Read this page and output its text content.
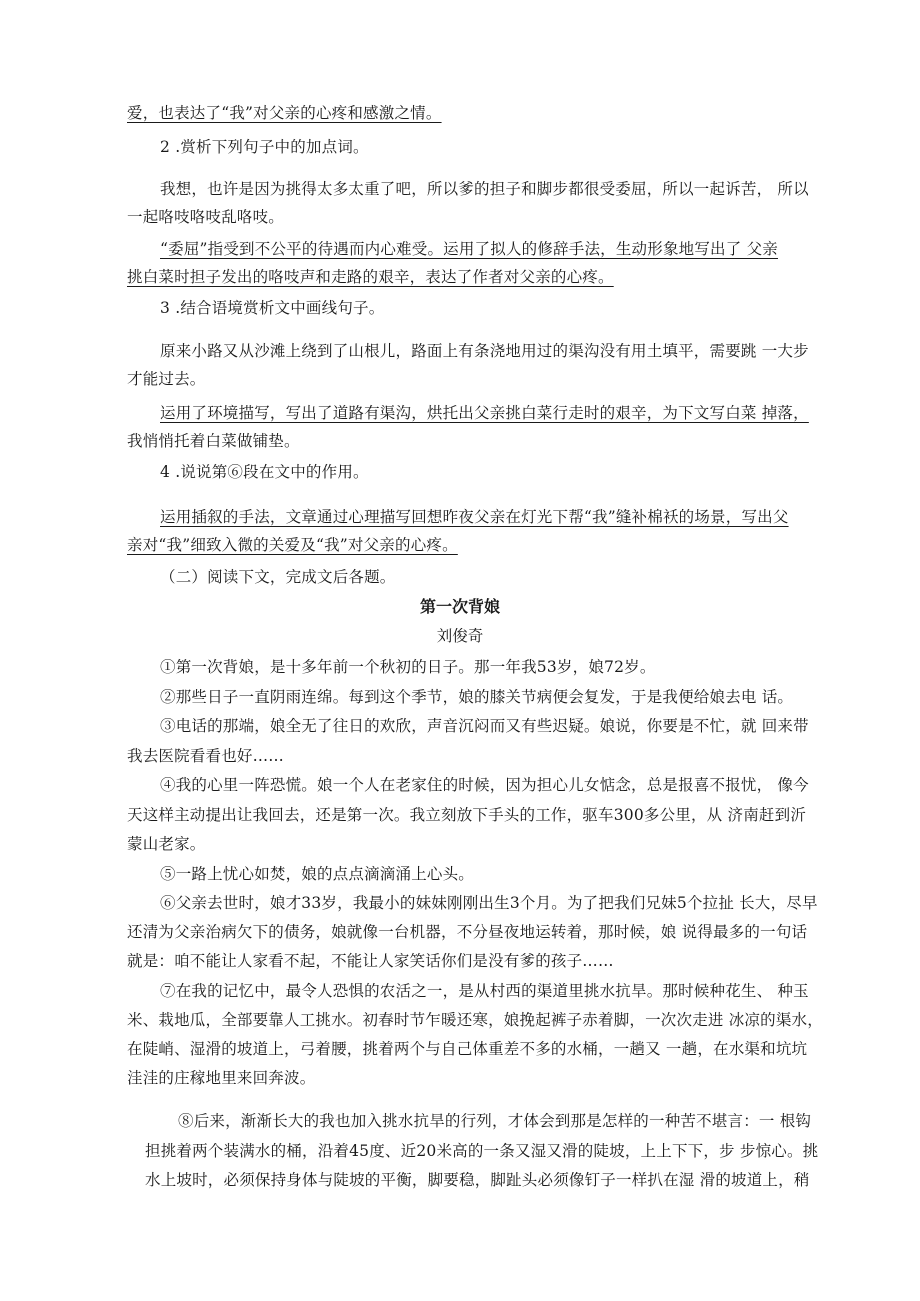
爱，也表达了“我”对父亲的心疼和感激之情。
2 .赏析下列句子中的加点词。
我想，也许是因为挑得太多太重了吧，所以爹的担子和脚步都很受委屈，所以一起诉苦， 所以
一起咯吱咯吱乱咯吱。
“委屈”指受到不公平的待遇而内心难受。运用了拟人的修辞手法，生动形象地写出了 父亲
挑白菜时担子发出的咯吱声和走路的艰辛，表达了作者对父亲的心疼。
3 .结合语境赏析文中画线句子。
原来小路又从沙滩上绕到了山根儿，路面上有条浇地用过的渠沟没有用土填平，需要跳 一大步
才能过去。
运用了环境描写，写出了道路有渠沟，烘托出父亲挑白菜行走时的艰辛，为下文写白菜 掉落，
我悄悄托着白菜做铺垫。
4 .说说第⑥段在文中的作用。
运用插叙的手法，文章通过心理描写回想昨夜父亲在灯光下帮“我”缝补棉袄的场景，写出父
亲对“我”细致入微的关爱及“我”对父亲的心疼。
（二）阅读下文，完成文后各题。
第一次背娘
刘俊奇
①第一次背娘，是十多年前一个秋初的日子。那一年我53岁，娘72岁。
②那些日子一直阴雨连绵。每到这个季节，娘的膝关节病便会复发，于是我便给娘去电 话。
③电话的那端，娘全无了往日的欢欣，声音沉闷而又有些迟疑。娘说，你要是不忙，就 回来带
我去医院看看也好……
④我的心里一阵恐慌。娘一个人在老家住的时候，因为担心儿女惦念，总是报喜不报忧， 像今
天这样主动提出让我回去，还是第一次。我立刻放下手头的工作，驱车300多公里，从 济南赶到沂
蒙山老家。
⑤一路上忧心如焚，娘的点点滴滴涌上心头。
⑥父亲去世时，娘才33岁，我最小的妹妹刚刚出生3个月。为了把我们兄妹5个拉扯 长大，尽早
还清为父亲治病欠下的债务，娘就像一台机器，不分昼夜地运转着，那时候，娘 说得最多的一句话
就是：咱不能让人家看不起，不能让人家笑话你们是没有爹的孩子……
⑦在我的记忆中，最令人恐惧的农活之一，是从村西的渠道里挑水抗旱。那时候种花生、 种玉
米、栽地瓜，全部要靠人工挑水。初春时节乍暖还寒，娘挽起裤子赤着脚，一次次走进 冰凉的渠水，
在陡峭、湿滑的坡道上，弓着腰，挑着两个与自己体重差不多的水桶，一趟又 一趟，在水渠和坑坑
洼洼的庄稼地里来回奔波。
⑧后来，渐渐长大的我也加入挑水抗旱的行列，才体会到那是怎样的一种苦不堪言：一 根钩
担挑着两个装满水的桶，沿着45度、近20米高的一条又湿又滑的陡坡，上上下下，步 步惊心。挑
水上坡时，必须保持身体与陡坡的平衡，脚要稳，脚趾头必须像钉子一样扒在湿 滑的坡道上，稍
